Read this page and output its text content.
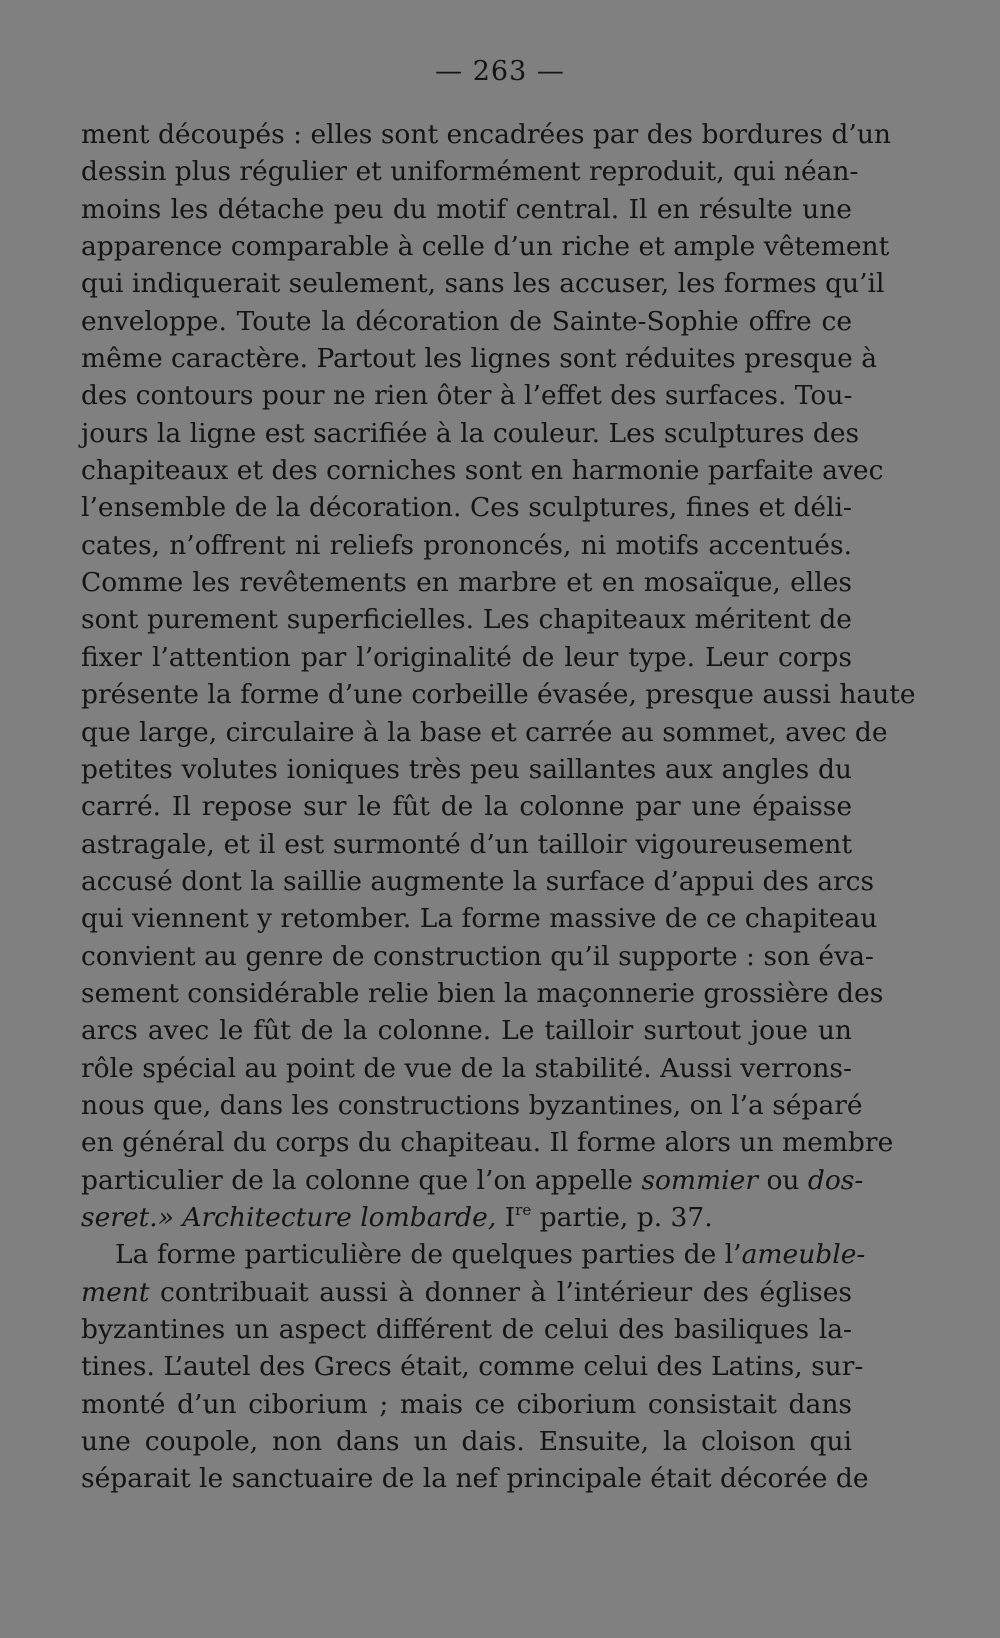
— 263 —
ment découpés : elles sont encadrées par des bordures d’un
dessin plus régulier et uniformément reproduit, qui néan-
moins les détache peu du motif central. Il en résulte une
apparence comparable à celle d’un riche et ample vêtement
qui indiquerait seulement, sans les accuser, les formes qu’il
enveloppe. Toute la décoration de Sainte-Sophie offre ce
même caractère. Partout les lignes sont réduites presque à
des contours pour ne rien ôter à l’effet des surfaces. Tou-
jours la ligne est sacrifiée à la couleur. Les sculptures des
chapiteaux et des corniches sont en harmonie parfaite avec
l’ensemble de la décoration. Ces sculptures, fines et déli-
cates, n’offrent ni reliefs prononcés, ni motifs accentués.
Comme les revêtements en marbre et en mosaïque, elles
sont purement superficielles. Les chapiteaux méritent de
fixer l’attention par l’originalité de leur type. Leur corps
présente la forme d’une corbeille évasée, presque aussi haute
que large, circulaire à la base et carrée au sommet, avec de
petites volutes ioniques très peu saillantes aux angles du
carré. Il repose sur le fût de la colonne par une épaisse
astragale, et il est surmonté d’un tailloir vigoureusement
accusé dont la saillie augmente la surface d’appui des arcs
qui viennent y retomber. La forme massive de ce chapiteau
convient au genre de construction qu’il supporte : son éva-
sement considérable relie bien la maçonnerie grossière des
arcs avec le fût de la colonne. Le tailloir surtout joue un
rôle spécial au point de vue de la stabilité. Aussi verrons-
nous que, dans les constructions byzantines, on l’a séparé
en général du corps du chapiteau. Il forme alors un membre
particulier de la colonne que l’on appelle sommier ou dos-
seret.» Architecture lombarde, Ire partie, p. 37.
La forme particulière de quelques parties de l’ameuble-
ment contribuait aussi à donner à l’intérieur des églises
byzantines un aspect différent de celui des basiliques la-
tines. L’autel des Grecs était, comme celui des Latins, sur-
monté d’un ciborium ; mais ce ciborium consistait dans
une coupole, non dans un dais. Ensuite, la cloison qui
séparait le sanctuaire de la nef principale était décorée de
